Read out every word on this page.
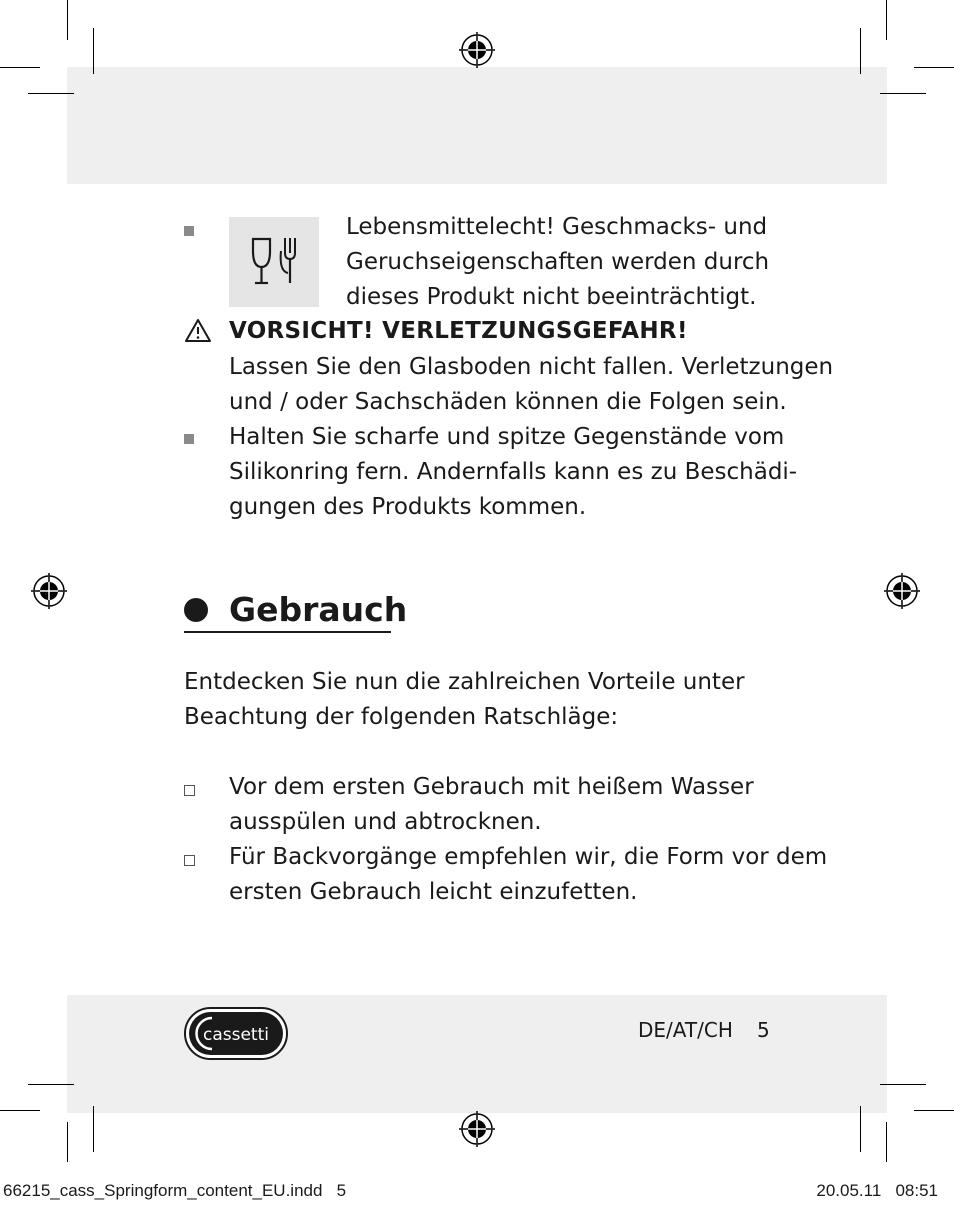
Lebensmittelecht! Geschmacks- und
Geruchseigenschaften werden durch
dieses Produkt nicht beeinträchtigt.
VORSICHT! VERLETZUNGSGEFAHR!
Lassen Sie den Glasboden nicht fallen. Verletzungen
und / oder Sachschäden können die Folgen sein.
Halten Sie scharfe und spitze Gegenstände vom
Silikonring fern. Andernfalls kann es zu Beschädi-
gungen des Produkts kommen.
Gebrauch
Entdecken Sie nun die zahlreichen Vorteile unter
Beachtung der folgenden Ratschläge:
Vor dem ersten Gebrauch mit heißem Wasser
ausspülen und abtrocknen.
Für Backvorgänge empfehlen wir, die Form vor dem
ersten Gebrauch leicht einzufetten.
cassetti	DE/AT/CH 5
66215_cass_Springform_content_EU.indd   5	20.05.11   08:51
